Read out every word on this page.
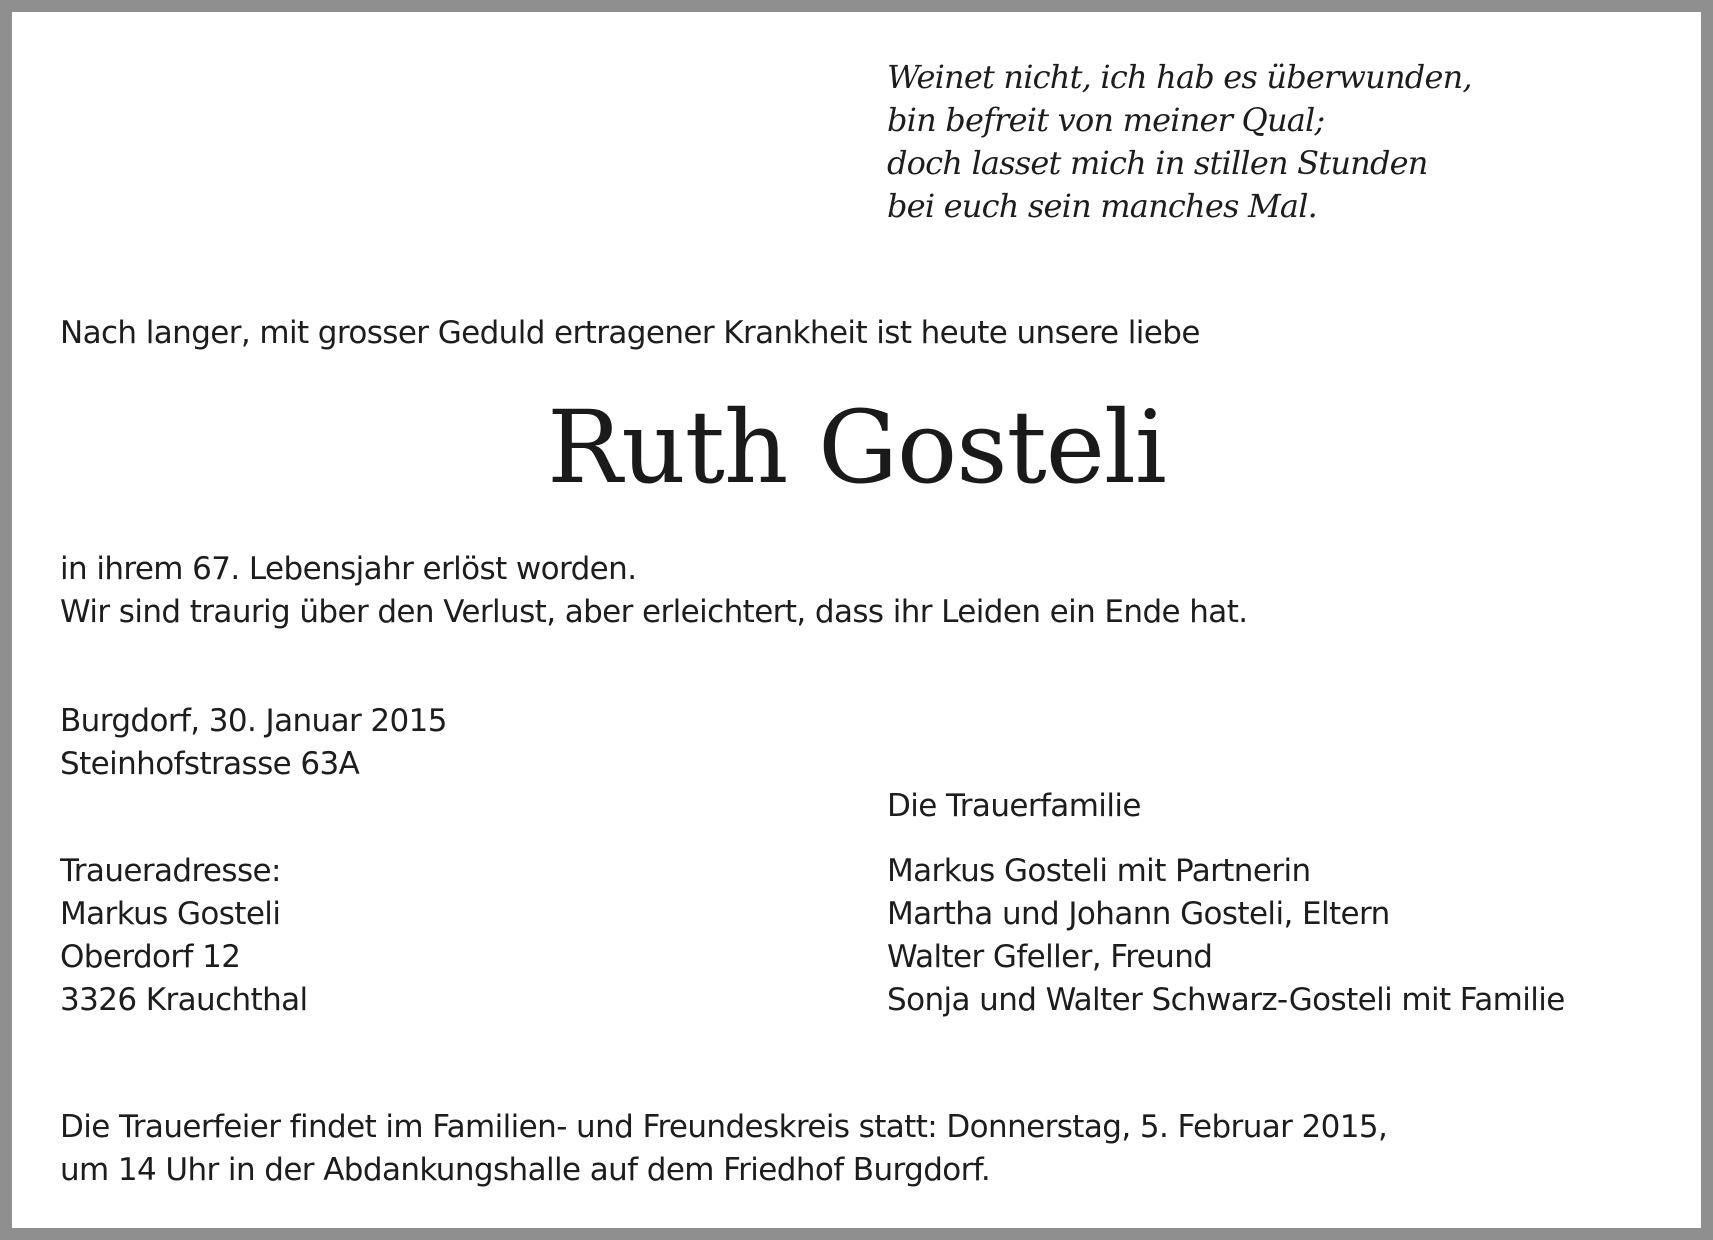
Weinet nicht, ich hab es überwunden,
bin befreit von meiner Qual;
doch lasset mich in stillen Stunden
bei euch sein manches Mal.
Nach langer, mit grosser Geduld ertragener Krankheit ist heute unsere liebe
Ruth Gosteli
in ihrem 67. Lebensjahr erlöst worden.
Wir sind traurig über den Verlust, aber erleichtert, dass ihr Leiden ein Ende hat.
Burgdorf, 30. Januar 2015
Steinhofstrasse 63A
Die Trauerfamilie
Traueradresse:
Markus Gosteli
Oberdorf 12
3326 Krauchthal
Markus Gosteli mit Partnerin
Martha und Johann Gosteli, Eltern
Walter Gfeller, Freund
Sonja und Walter Schwarz-Gosteli mit Familie
Die Trauerfeier findet im Familien- und Freundeskreis statt: Donnerstag, 5. Februar 2015,
um 14 Uhr in der Abdankungshalle auf dem Friedhof Burgdorf.
